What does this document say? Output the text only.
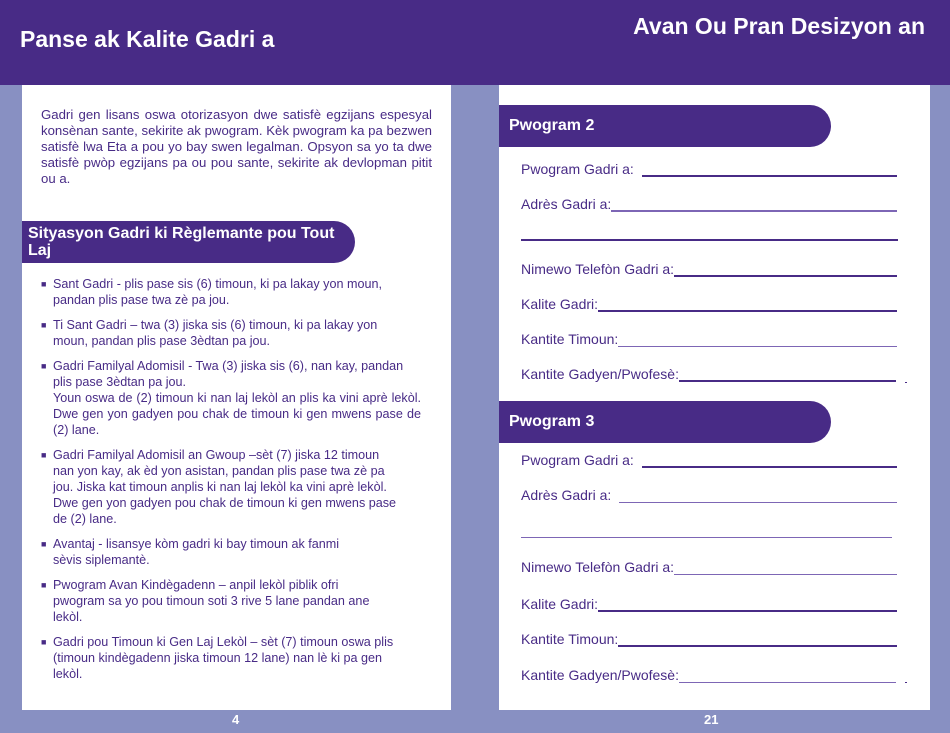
Panse ak Kalite Gadri a	Avan Ou Pran Desizyon an

Gadri gen lisans oswa otorizasyon dwe satisfè egzijans espesyal konsènan sante, sekirite ak pwogram. Kèk pwogram ka pa bezwen satisfè lwa Eta a pou yo bay swen legalman. Opsyon sa yo ta dwe satisfè pwòp egzijans pa ou pou sante, sekirite ak devlopman pitit ou a.

Sityasyon Gadri ki Règlemante pou Tout Laj
■ Sant Gadri - plis pase sis (6) timoun, ki pa lakay yon moun, pandan plis pase twa zè pa jou.
■ Ti Sant Gadri – twa (3) jiska sis (6) timoun, ki pa lakay yon moun, pandan plis pase 3èdtan pa jou.
■ Gadri Familyal Adomisil - Twa (3) jiska sis (6), nan kay, pandan plis pase 3èdtan pa jou.
Youn oswa de (2) timoun ki nan laj lekòl an plis ka vini aprè lekòl. Dwe gen yon gadyen pou chak de timoun ki gen mwens pase de (2) lane.
■ Gadri Familyal Adomisil an Gwoup –sèt (7) jiska 12 timoun nan yon kay, ak èd yon asistan, pandan plis pase twa zè pa jou. Jiska kat timoun anplis ki nan laj lekòl ka vini aprè lekòl. Dwe gen yon gadyen pou chak de timoun ki gen mwens pase de (2) lane.
■ Avantaj - lisansye kòm gadri ki bay timoun ak fanmi sèvis siplemantè.
■ Pwogram Avan Kindègadenn – anpil lekòl piblik ofri pwogram sa yo pou timoun soti 3 rive 5 lane pandan ane lekòl.
■ Gadri pou Timoun ki Gen Laj Lekòl – sèt (7) timoun oswa plis (timoun kindègadenn jiska timoun 12 lane) nan lè ki pa gen lekòl.
4
Pwogram 2
Pwogram Gadri a:
Adrès Gadri a:
Nimewo Telefòn Gadri a:
Kalite Gadri:
Kantite Timoun:
Kantite Gadyen/Pwofesè:
Pwogram 3
Pwogram Gadri a:
Adrès Gadri a:
Nimewo Telefòn Gadri a:
Kalite Gadri:
Kantite Timoun:
Kantite Gadyen/Pwofesè:
21
